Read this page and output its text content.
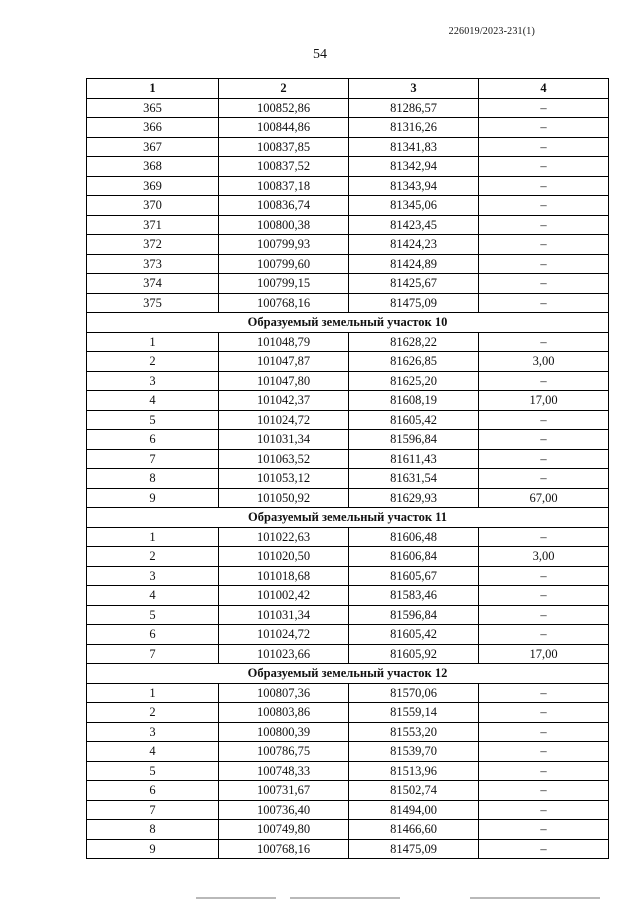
226019/2023-231(1)
54
1	2	3	4
365	100852,86	81286,57	–
366	100844,86	81316,26	–
367	100837,85	81341,83	–
368	100837,52	81342,94	–
369	100837,18	81343,94	–
370	100836,74	81345,06	–
371	100800,38	81423,45	–
372	100799,93	81424,23	–
373	100799,60	81424,89	–
374	100799,15	81425,67	–
375	100768,16	81475,09	–
Образуемый земельный участок 10			
1	101048,79	81628,22	–
2	101047,87	81626,85	3,00
3	101047,80	81625,20	–
4	101042,37	81608,19	17,00
5	101024,72	81605,42	–
6	101031,34	81596,84	–
7	101063,52	81611,43	–
8	101053,12	81631,54	–
9	101050,92	81629,93	67,00
Образуемый земельный участок 11			
1	101022,63	81606,48	–
2	101020,50	81606,84	3,00
3	101018,68	81605,67	–
4	101002,42	81583,46	–
5	101031,34	81596,84	–
6	101024,72	81605,42	–
7	101023,66	81605,92	17,00
Образуемый земельный участок 12			
1	100807,36	81570,06	–
2	100803,86	81559,14	–
3	100800,39	81553,20	–
4	100786,75	81539,70	–
5	100748,33	81513,96	–
6	100731,67	81502,74	–
7	100736,40	81494,00	–
8	100749,80	81466,60	–
9	100768,16	81475,09	–
